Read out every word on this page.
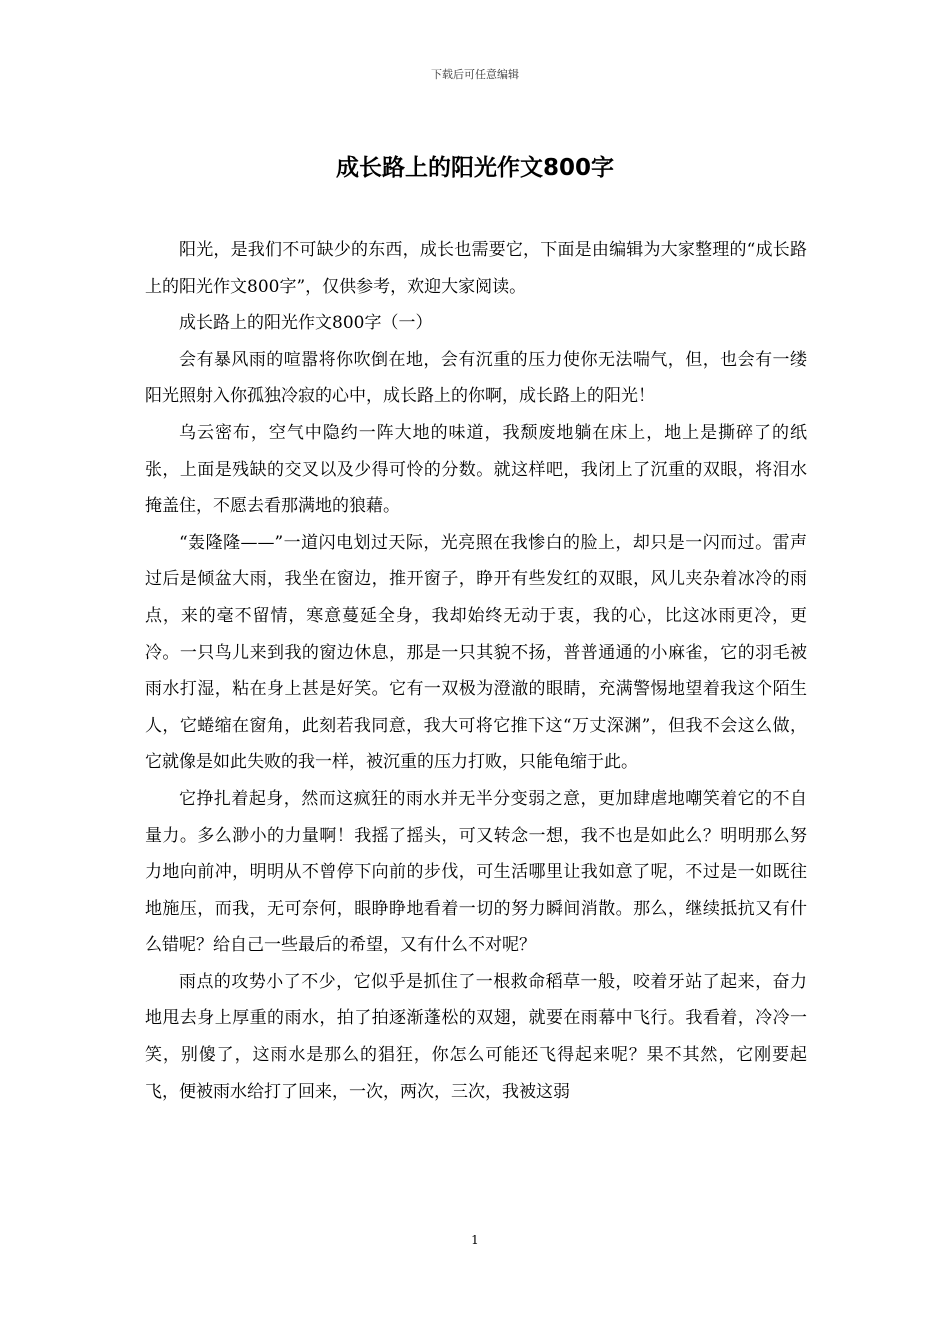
下载后可任意编辑
成长路上的阳光作文800字

阳光，是我们不可缺少的东西，成长也需要它，下面是由编辑为大家整理的“成长路上的阳光作文800字”，仅供参考，欢迎大家阅读。

成长路上的阳光作文800字（一）

会有暴风雨的喧嚣将你吹倒在地，会有沉重的压力使你无法喘气，但，也会有一缕阳光照射入你孤独冷寂的心中，成长路上的你啊，成长路上的阳光！

乌云密布，空气中隐约一阵大地的味道，我颓废地躺在床上，地上是撕碎了的纸张，上面是残缺的交叉以及少得可怜的分数。就这样吧，我闭上了沉重的双眼，将泪水掩盖住，不愿去看那满地的狼藉。

“轰隆隆——”一道闪电划过天际，光亮照在我惨白的脸上，却只是一闪而过。雷声过后是倾盆大雨，我坐在窗边，推开窗子，睁开有些发红的双眼，风儿夹杂着冰冷的雨点，来的毫不留情，寒意蔓延全身，我却始终无动于衷，我的心，比这冰雨更冷，更冷。一只鸟儿来到我的窗边休息，那是一只其貌不扬，普普通通的小麻雀，它的羽毛被雨水打湿，粘在身上甚是好笑。它有一双极为澄澈的眼睛，充满警惕地望着我这个陌生人，它蜷缩在窗角，此刻若我同意，我大可将它推下这“万丈深渊”，但我不会这么做，它就像是如此失败的我一样，被沉重的压力打败，只能龟缩于此。

它挣扎着起身，然而这疯狂的雨水并无半分变弱之意，更加肆虐地嘲笑着它的不自量力。多么渺小的力量啊！我摇了摇头，可又转念一想，我不也是如此么？明明那么努力地向前冲，明明从不曾停下向前的步伐，可生活哪里让我如意了呢，不过是一如既往地施压，而我，无可奈何，眼睁睁地看着一切的努力瞬间消散。那么，继续抵抗又有什么错呢？给自己一些最后的希望，又有什么不对呢？

雨点的攻势小了不少，它似乎是抓住了一根救命稻草一般，咬着牙站了起来，奋力地甩去身上厚重的雨水，拍了拍逐渐蓬松的双翅，就要在雨幕中飞行。我看着，冷冷一笑，别傻了，这雨水是那么的猖狂，你怎么可能还飞得起来呢？果不其然，它刚要起飞，便被雨水给打了回来，一次，两次，三次，我被这弱

1
